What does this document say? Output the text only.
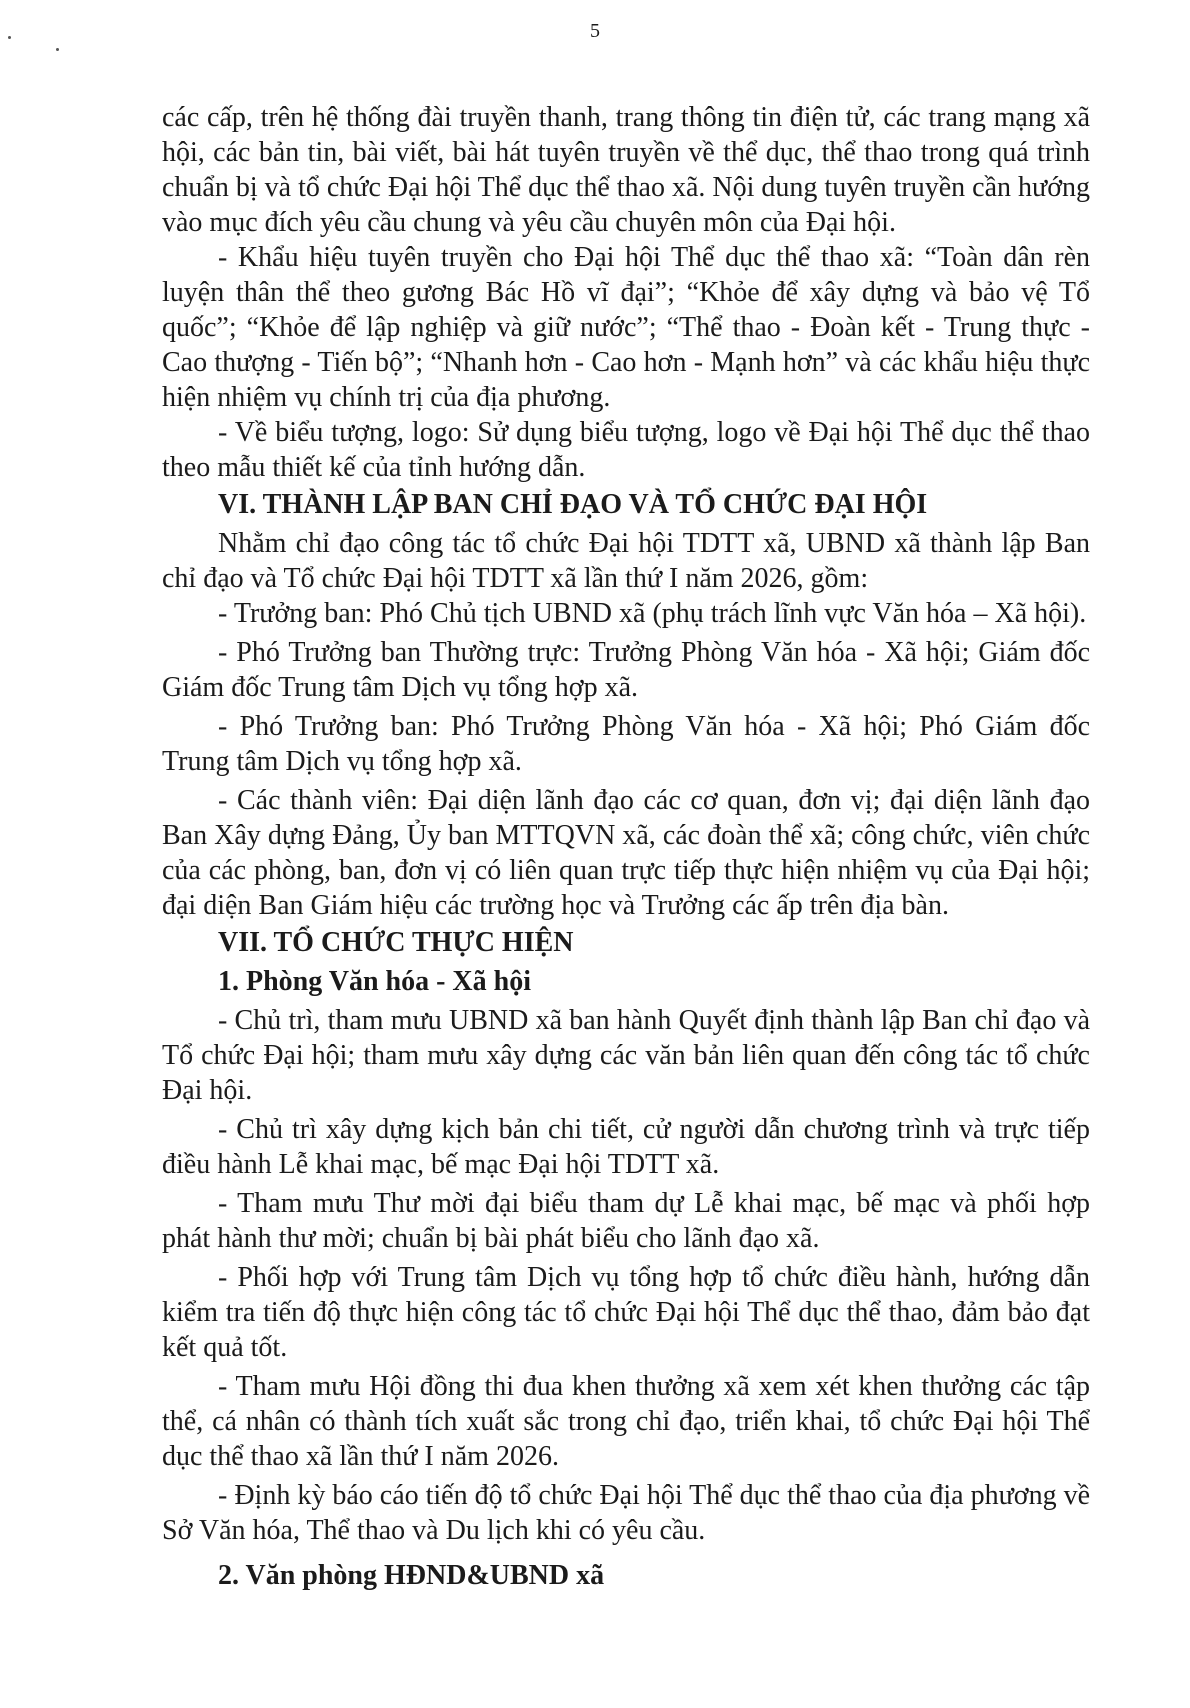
5

các cấp, trên hệ thống đài truyền thanh, trang thông tin điện tử, các trang mạng xã hội, các bản tin, bài viết, bài hát tuyên truyền về thể dục, thể thao trong quá trình chuẩn bị và tổ chức Đại hội Thể dục thể thao xã. Nội dung tuyên truyền cần hướng vào mục đích yêu cầu chung và yêu cầu chuyên môn của Đại hội.

- Khẩu hiệu tuyên truyền cho Đại hội Thể dục thể thao xã: “Toàn dân rèn luyện thân thể theo gương Bác Hồ vĩ đại”; “Khỏe để xây dựng và bảo vệ Tổ quốc”; “Khỏe để lập nghiệp và giữ nước”; “Thể thao - Đoàn kết - Trung thực - Cao thượng - Tiến bộ”; “Nhanh hơn - Cao hơn - Mạnh hơn” và các khẩu hiệu thực hiện nhiệm vụ chính trị của địa phương.

- Về biểu tượng, logo: Sử dụng biểu tượng, logo về Đại hội Thể dục thể thao theo mẫu thiết kế của tỉnh hướng dẫn.

VI. THÀNH LẬP BAN CHỈ ĐẠO VÀ TỔ CHỨC ĐẠI HỘI

Nhằm chỉ đạo công tác tổ chức Đại hội TDTT xã, UBND xã thành lập Ban chỉ đạo và Tổ chức Đại hội TDTT xã lần thứ I năm 2026, gồm:

- Trưởng ban: Phó Chủ tịch UBND xã (phụ trách lĩnh vực Văn hóa – Xã hội).

- Phó Trưởng ban Thường trực: Trưởng Phòng Văn hóa - Xã hội; Giám đốc Giám đốc Trung tâm Dịch vụ tổng hợp xã.

- Phó Trưởng ban: Phó Trưởng Phòng Văn hóa - Xã hội; Phó Giám đốc Trung tâm Dịch vụ tổng hợp xã.

- Các thành viên: Đại diện lãnh đạo các cơ quan, đơn vị; đại diện lãnh đạo Ban Xây dựng Đảng, Ủy ban MTTQVN xã, các đoàn thể xã; công chức, viên chức của các phòng, ban, đơn vị có liên quan trực tiếp thực hiện nhiệm vụ của Đại hội; đại diện Ban Giám hiệu các trường học và Trưởng các ấp trên địa bàn.

VII. TỔ CHỨC THỰC HIỆN
1. Phòng Văn hóa - Xã hội

- Chủ trì, tham mưu UBND xã ban hành Quyết định thành lập Ban chỉ đạo và Tổ chức Đại hội; tham mưu xây dựng các văn bản liên quan đến công tác tổ chức Đại hội.

- Chủ trì xây dựng kịch bản chi tiết, cử người dẫn chương trình và trực tiếp điều hành Lễ khai mạc, bế mạc Đại hội TDTT xã.

- Tham mưu Thư mời đại biểu tham dự Lễ khai mạc, bế mạc và phối hợp phát hành thư mời; chuẩn bị bài phát biểu cho lãnh đạo xã.

- Phối hợp với Trung tâm Dịch vụ tổng hợp tổ chức điều hành, hướng dẫn kiểm tra tiến độ thực hiện công tác tổ chức Đại hội Thể dục thể thao, đảm bảo đạt kết quả tốt.

- Tham mưu Hội đồng thi đua khen thưởng xã xem xét khen thưởng các tập thể, cá nhân có thành tích xuất sắc trong chỉ đạo, triển khai, tổ chức Đại hội Thể dục thể thao xã lần thứ I năm 2026.

- Định kỳ báo cáo tiến độ tổ chức Đại hội Thể dục thể thao của địa phương về Sở Văn hóa, Thể thao và Du lịch khi có yêu cầu.

2. Văn phòng HĐND&UBND xã
